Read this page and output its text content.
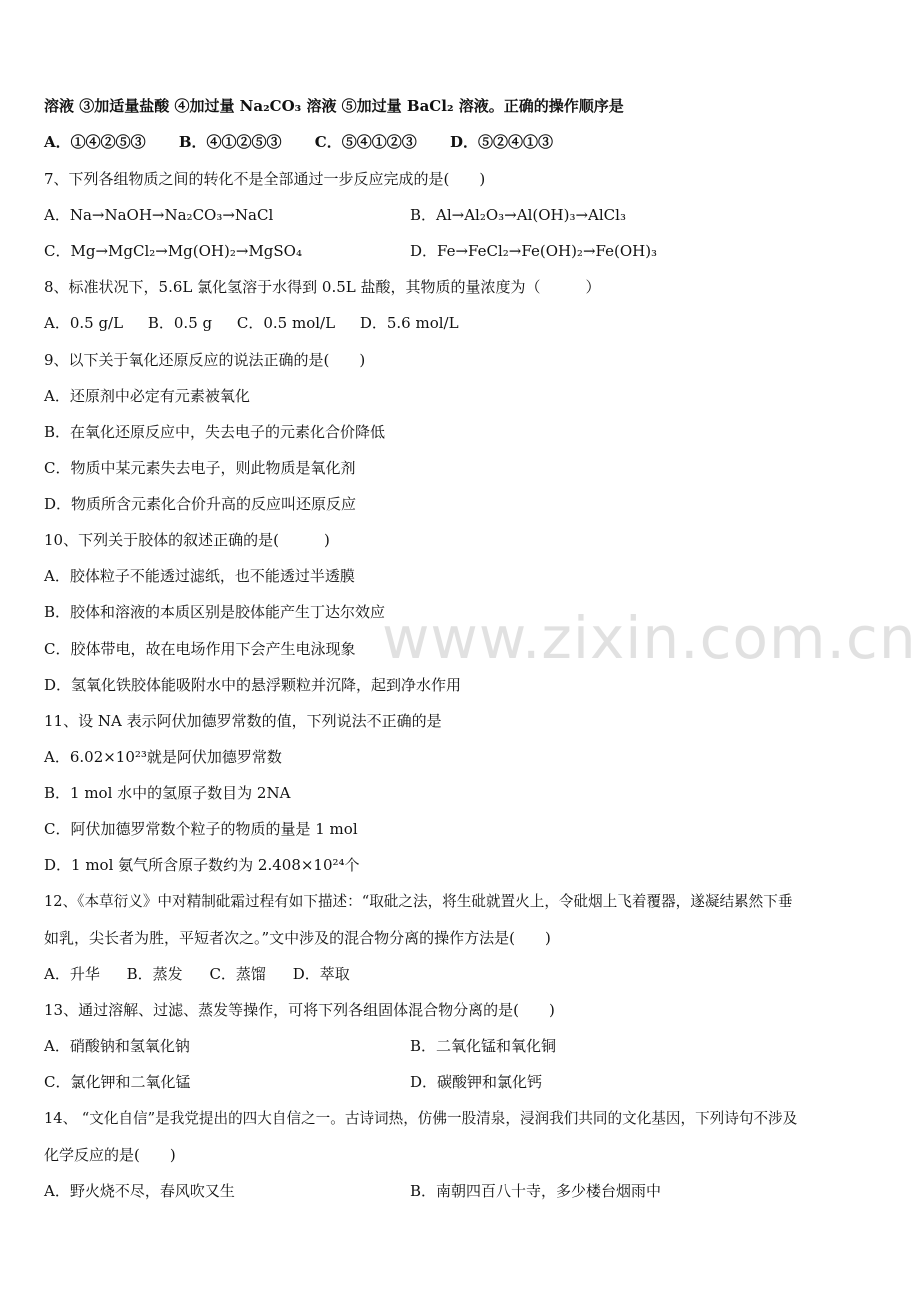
www.zixin.com.cn
溶液 ③加适量盐酸 ④加过量 Na₂CO₃ 溶液 ⑤加过量 BaCl₂ 溶液。正确的操作顺序是
A．①④②⑤③ B．④①②⑤③ C．⑤④①②③ D．⑤②④①③
7、下列各组物质之间的转化不是全部通过一步反应完成的是(　　)
A．Na→NaOH→Na₂CO₃→NaCl	B．Al→Al₂O₃→Al(OH)₃→AlCl₃
C．Mg→MgCl₂→Mg(OH)₂→MgSO₄	D．Fe→FeCl₂→Fe(OH)₂→Fe(OH)₃
8、标准状况下，5.6L 氯化氢溶于水得到 0.5L 盐酸，其物质的量浓度为（　　　）
A．0.5 g/L B．0.5 g C．0.5 mol/L D．5.6 mol/L
9、以下关于氧化还原反应的说法正确的是(　　)
A．还原剂中必定有元素被氧化
B．在氧化还原反应中，失去电子的元素化合价降低
C．物质中某元素失去电子，则此物质是氧化剂
D．物质所含元素化合价升高的反应叫还原反应
10、下列关于胶体的叙述正确的是(　　　)
A．胶体粒子不能透过滤纸，也不能透过半透膜
B．胶体和溶液的本质区别是胶体能产生丁达尔效应
C．胶体带电，故在电场作用下会产生电泳现象
D．氢氧化铁胶体能吸附水中的悬浮颗粒并沉降，起到净水作用
11、设 NA 表示阿伏加德罗常数的值，下列说法不正确的是
A．6.02×10²³就是阿伏加德罗常数
B．1 mol 水中的氢原子数目为 2NA
C．阿伏加德罗常数个粒子的物质的量是 1 mol
D．1 mol 氨气所含原子数约为 2.408×10²⁴个
12、《本草衍义》中对精制砒霜过程有如下描述：“取砒之法，将生砒就置火上，令砒烟上飞着覆器，遂凝结累然下垂
如乳，尖长者为胜，平短者次之。”文中涉及的混合物分离的操作方法是(　　)
A．升华 B．蒸发 C．蒸馏 D．萃取
13、通过溶解、过滤、蒸发等操作，可将下列各组固体混合物分离的是(　　)
A．硝酸钠和氢氧化钠	B．二氧化锰和氧化铜
C．氯化钾和二氧化锰	D．碳酸钾和氯化钙
14、 “文化自信”是我党提出的四大自信之一。古诗词热，仿佛一股清泉，浸润我们共同的文化基因，下列诗句不涉及
化学反应的是(　　)
A．野火烧不尽，春风吹又生	B．南朝四百八十寺，多少楼台烟雨中
